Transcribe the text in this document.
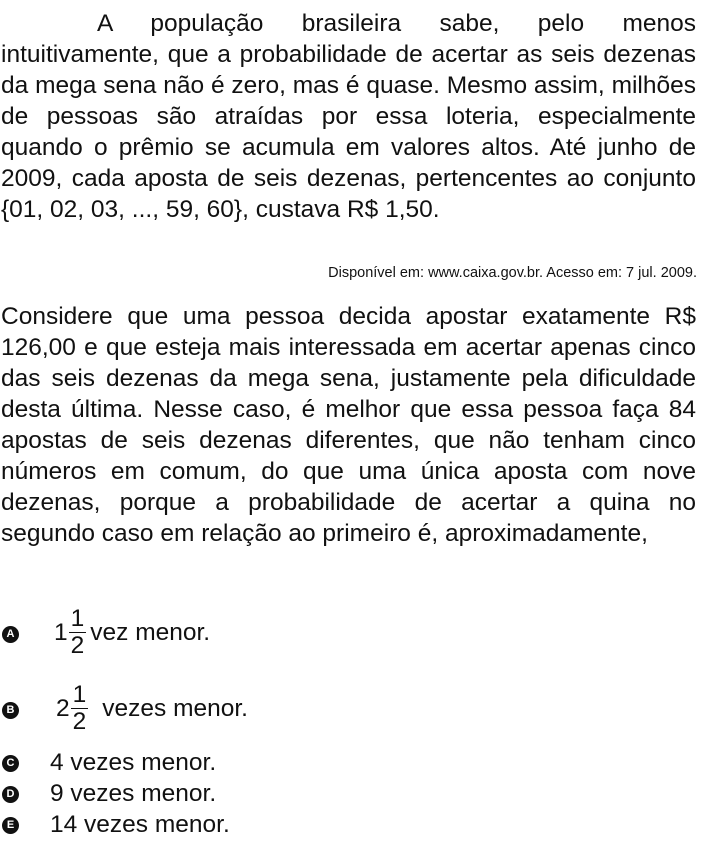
A população brasileira sabe, pelo menos intuitivamente, que a probabilidade de acertar as seis dezenas da mega sena não é zero, mas é quase. Mesmo assim, milhões de pessoas são atraídas por essa loteria, especialmente quando o prêmio se acumula em valores altos. Até junho de 2009, cada aposta de seis dezenas, pertencentes ao conjunto {01, 02, 03, ..., 59, 60}, custava R$ 1,50.

Disponível em: www.caixa.gov.br. Acesso em: 7 jul. 2009.

Considere que uma pessoa decida apostar exatamente R$ 126,00 e que esteja mais interessada em acertar apenas cinco das seis dezenas da mega sena, justamente pela dificuldade desta última. Nesse caso, é melhor que essa pessoa faça 84 apostas de seis dezenas diferentes, que não tenham cinco números em comum, do que uma única aposta com nove dezenas, porque a probabilidade de acertar a quina no segundo caso em relação ao primeiro é, aproximadamente,

A $1 \frac{1}{2}$ vez menor.
B $2 \frac{1}{2}$ vezes menor.
C 4 vezes menor.
D 9 vezes menor.
E 14 vezes menor.
